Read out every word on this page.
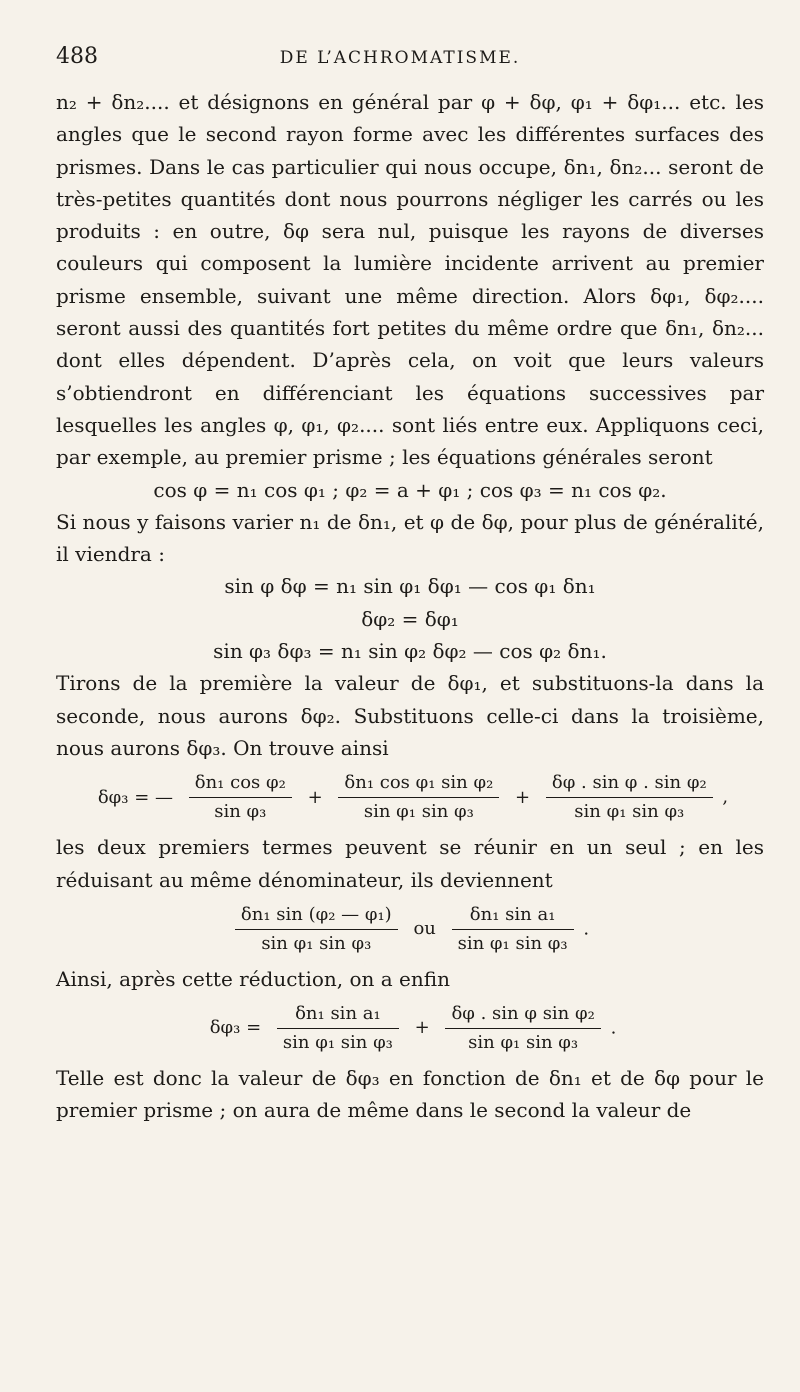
488	DE L’ACHROMATISME.

n₂ + δn₂.... et désignons en général par φ + δφ, φ₁ + δφ₁... etc. les angles que le second rayon forme avec les différentes surfaces des prismes. Dans le cas particulier qui nous occupe, δn₁, δn₂... seront de très-petites quantités dont nous pourrons négliger les carrés ou les produits : en outre, δφ sera nul, puisque les rayons de diverses couleurs qui composent la lumière incidente arrivent au premier prisme ensemble, suivant une même direction. Alors δφ₁, δφ₂.... seront aussi des quantités fort petites du même ordre que δn₁, δn₂... dont elles dépendent. D’après cela, on voit que leurs valeurs s’obtiendront en différenciant les équations successives par lesquelles les angles φ, φ₁, φ₂.... sont liés entre eux. Appliquons ceci, par exemple, au premier prisme ; les équations générales seront

cos φ = n₁ cos φ₁ ; φ₂ = a + φ₁ ; cos φ₃ = n₁ cos φ₂.

Si nous y faisons varier n₁ de δn₁, et φ de δφ, pour plus de généralité, il viendra :

sin φ δφ = n₁ sin φ₁ δφ₁ — cos φ₁ δn₁
δφ₂ = δφ₁
sin φ₃ δφ₃ = n₁ sin φ₂ δφ₂ — cos φ₂ δn₁.

Tirons de la première la valeur de δφ₁, et substituons-la dans la seconde, nous aurons δφ₂. Substituons celle-ci dans la troisième, nous aurons δφ₃. On trouve ainsi

δφ₃ = — $\frac{\text{δn₁ cos φ₂}}{\text{sin φ₃}} + \frac{\text{δn₁ cos φ₁ sin φ₂}}{\text{sin φ₁ sin φ₃}} + \frac{\text{δφ . sin φ . sin φ₂}}{\text{sin φ₁ sin φ₃}}$ ,

les deux premiers termes peuvent se réunir en un seul ; en les réduisant au même dénominateur, ils deviennent

$\frac{\text{δn₁ sin (φ₂ — φ₁)}}{\text{sin φ₁ sin φ₃}}$ ou $\frac{\text{δn₁ sin a₁}}{\text{sin φ₁ sin φ₃}}$ .

Ainsi, après cette réduction, on a enfin

$\delta\varphi_3 = \frac{\text{δn₁ sin a₁}}{\text{sin φ₁ sin φ₃}} + \frac{\text{δφ . sin φ sin φ₂}}{\text{sin φ₁ sin φ₃}}$ .

Telle est donc la valeur de δφ₃ en fonction de δn₁ et de δφ pour le premier prisme ; on aura de même dans le second la valeur de
